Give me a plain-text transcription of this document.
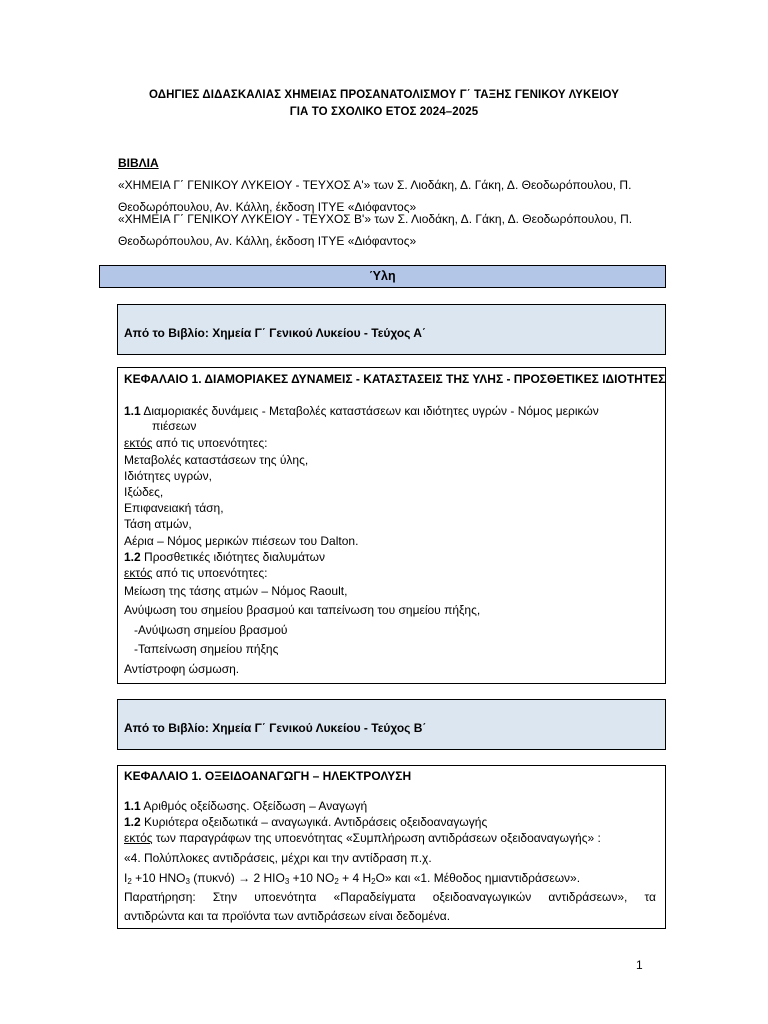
ΟΔΗΓΙΕΣ ΔΙΔΑΣΚΑΛΙΑΣ ΧΗΜΕΙΑΣ ΠΡΟΣΑΝΑΤΟΛΙΣΜΟΥ Γ΄ ΤΑΞΗΣ ΓΕΝΙΚΟΥ ΛΥΚΕΙΟΥ
ΓΙΑ ΤΟ ΣΧΟΛΙΚΟ ΕΤΟΣ 2024–2025
ΒΙΒΛΙΑ
«ΧΗΜΕΙΑ Γ΄ ΓΕΝΙΚΟΥ ΛΥΚΕΙΟΥ - ΤΕΥΧΟΣ Α'» των Σ. Λιοδάκη, Δ. Γάκη, Δ. Θεοδωρόπουλου, Π.
Θεοδωρόπουλου, Αν. Κάλλη, έκδοση ΙΤΥΕ «Διόφαντος»
«ΧΗΜΕΙΑ Γ΄ ΓΕΝΙΚΟΥ ΛΥΚΕΙΟΥ - ΤΕΥΧΟΣ Β'» των Σ. Λιοδάκη, Δ. Γάκη, Δ. Θεοδωρόπουλου, Π.
Θεοδωρόπουλου, Αν. Κάλλη, έκδοση ΙΤΥΕ «Διόφαντος»
Ύλη
Από το Βιβλίο: Χημεία Γ΄ Γενικού Λυκείου - Τεύχος Α΄
ΚΕΦΑΛΑΙΟ 1. ΔΙΑΜΟΡΙΑΚΕΣ ΔΥΝΑΜΕΙΣ - ΚΑΤΑΣΤΑΣΕΙΣ ΤΗΣ ΥΛΗΣ - ΠΡΟΣΘΕΤΙΚΕΣ ΙΔΙΟΤΗΤΕΣ
1.1 Διαμοριακές δυνάμεις - Μεταβολές καταστάσεων και ιδιότητες υγρών - Νόμος μερικών
πιέσεων
εκτός από τις υποενότητες:
Μεταβολές καταστάσεων της ύλης,
Ιδιότητες υγρών,
Ιξώδες,
Επιφανειακή τάση,
Τάση ατμών,
Αέρια – Νόμος μερικών πιέσεων του Dalton.
1.2 Προσθετικές ιδιότητες διαλυμάτων
εκτός από τις υποενότητες:
Μείωση της τάσης ατμών – Νόμος Raoult,
Ανύψωση του σημείου βρασμού και ταπείνωση του σημείου πήξης,
-Ανύψωση σημείου βρασμού
-Ταπείνωση σημείου πήξης
Αντίστροφη ώσμωση.
Από το Βιβλίο: Χημεία Γ΄ Γενικού Λυκείου - Τεύχος Β΄
ΚΕΦΑΛΑΙΟ 1. ΟΞΕΙΔΟΑΝΑΓΩΓΗ – ΗΛΕΚΤΡΟΛΥΣΗ
1.1 Αριθμός οξείδωσης. Οξείδωση – Αναγωγή
1.2 Κυριότερα οξειδωτικά – αναγωγικά. Αντιδράσεις οξειδοαναγωγής
εκτός των παραγράφων της υποενότητας «Συμπλήρωση αντιδράσεων οξειδοαναγωγής» :
«4. Πολύπλοκες αντιδράσεις, μέχρι και την αντίδραση π.χ.
$I_2 +10$ $HNO_3$ (πυκνό) → 2 $HIO_3 +10$ $NO_2 + 4$ $H_2O$» και «1. Μέθοδος ημιαντιδράσεων».
Παρατήρηση: Στην υποενότητα «Παραδείγματα οξειδοαναγωγικών αντιδράσεων», τα
αντιδρώντα και τα προϊόντα των αντιδράσεων είναι δεδομένα.
1
